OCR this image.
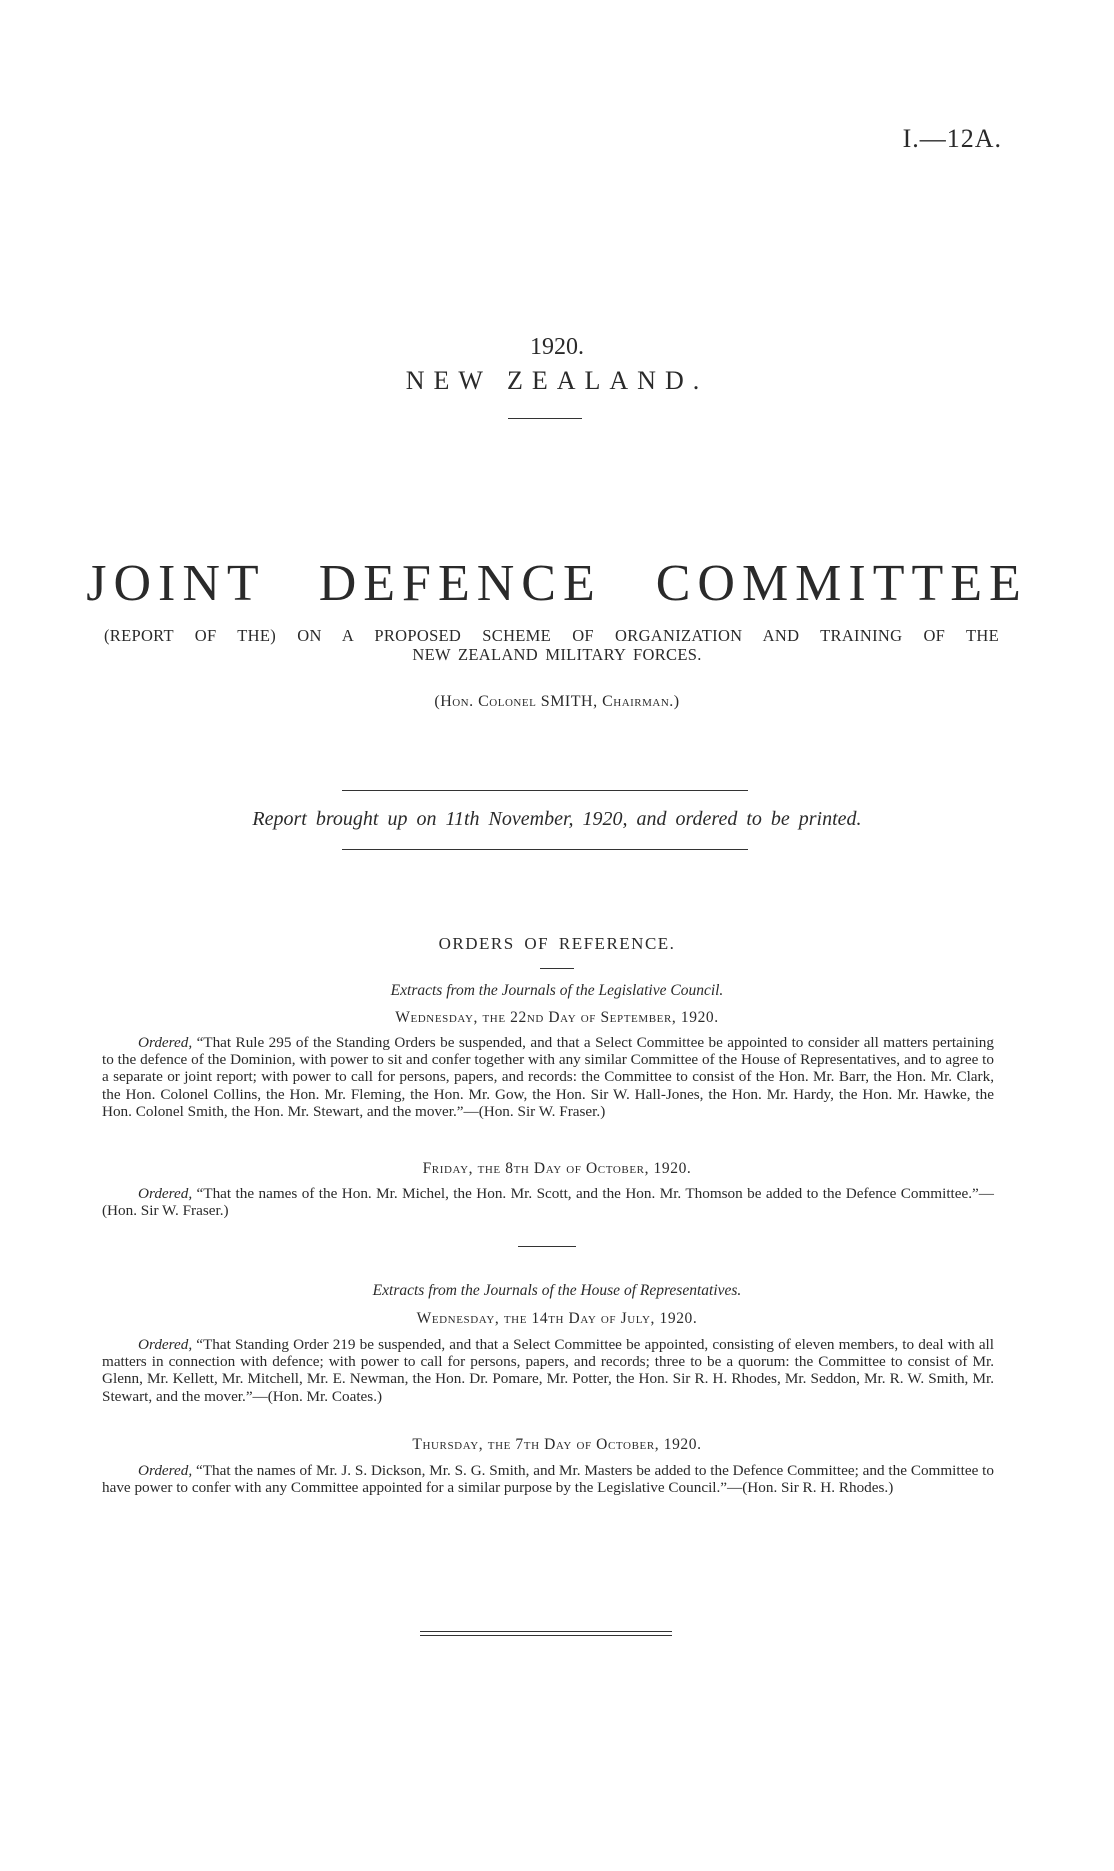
I.—12A.
1920.
NEW ZEALAND.
JOINT DEFENCE COMMITTEE
(REPORT OF THE) ON A PROPOSED SCHEME OF ORGANIZATION AND TRAINING OF THE
NEW ZEALAND MILITARY FORCES.
(Hon. Colonel SMITH, Chairman.)
Report brought up on 11th November, 1920, and ordered to be printed.
ORDERS OF REFERENCE.
Extracts from the Journals of the Legislative Council.
Wednesday, the 22nd Day of September, 1920.

Ordered, “That Rule 295 of the Standing Orders be suspended, and that a Select Committee be appointed to consider all matters pertaining to the defence of the Dominion, with power to sit and confer together with any similar Committee of the House of Representatives, and to agree to a separate or joint report; with power to call for persons, papers, and records: the Committee to consist of the Hon. Mr. Barr, the Hon. Mr. Clark, the Hon. Colonel Collins, the Hon. Mr. Fleming, the Hon. Mr. Gow, the Hon. Sir W. Hall-Jones, the Hon. Mr. Hardy, the Hon. Mr. Hawke, the Hon. Colonel Smith, the Hon. Mr. Stewart, and the mover.”—(Hon. Sir W. Fraser.)

Friday, the 8th Day of October, 1920.

Ordered, “That the names of the Hon. Mr. Michel, the Hon. Mr. Scott, and the Hon. Mr. Thomson be added to the Defence Committee.”—(Hon. Sir W. Fraser.)

Extracts from the Journals of the House of Representatives.
Wednesday, the 14th Day of July, 1920.

Ordered, “That Standing Order 219 be suspended, and that a Select Committee be appointed, consisting of eleven members, to deal with all matters in connection with defence; with power to call for persons, papers, and records; three to be a quorum: the Committee to consist of Mr. Glenn, Mr. Kellett, Mr. Mitchell, Mr. E. Newman, the Hon. Dr. Pomare, Mr. Potter, the Hon. Sir R. H. Rhodes, Mr. Seddon, Mr. R. W. Smith, Mr. Stewart, and the mover.”—(Hon. Mr. Coates.)

Thursday, the 7th Day of October, 1920.

Ordered, “That the names of Mr. J. S. Dickson, Mr. S. G. Smith, and Mr. Masters be added to the Defence Committee; and the Committee to have power to confer with any Committee appointed for a similar purpose by the Legislative Council.”—(Hon. Sir R. H. Rhodes.)
